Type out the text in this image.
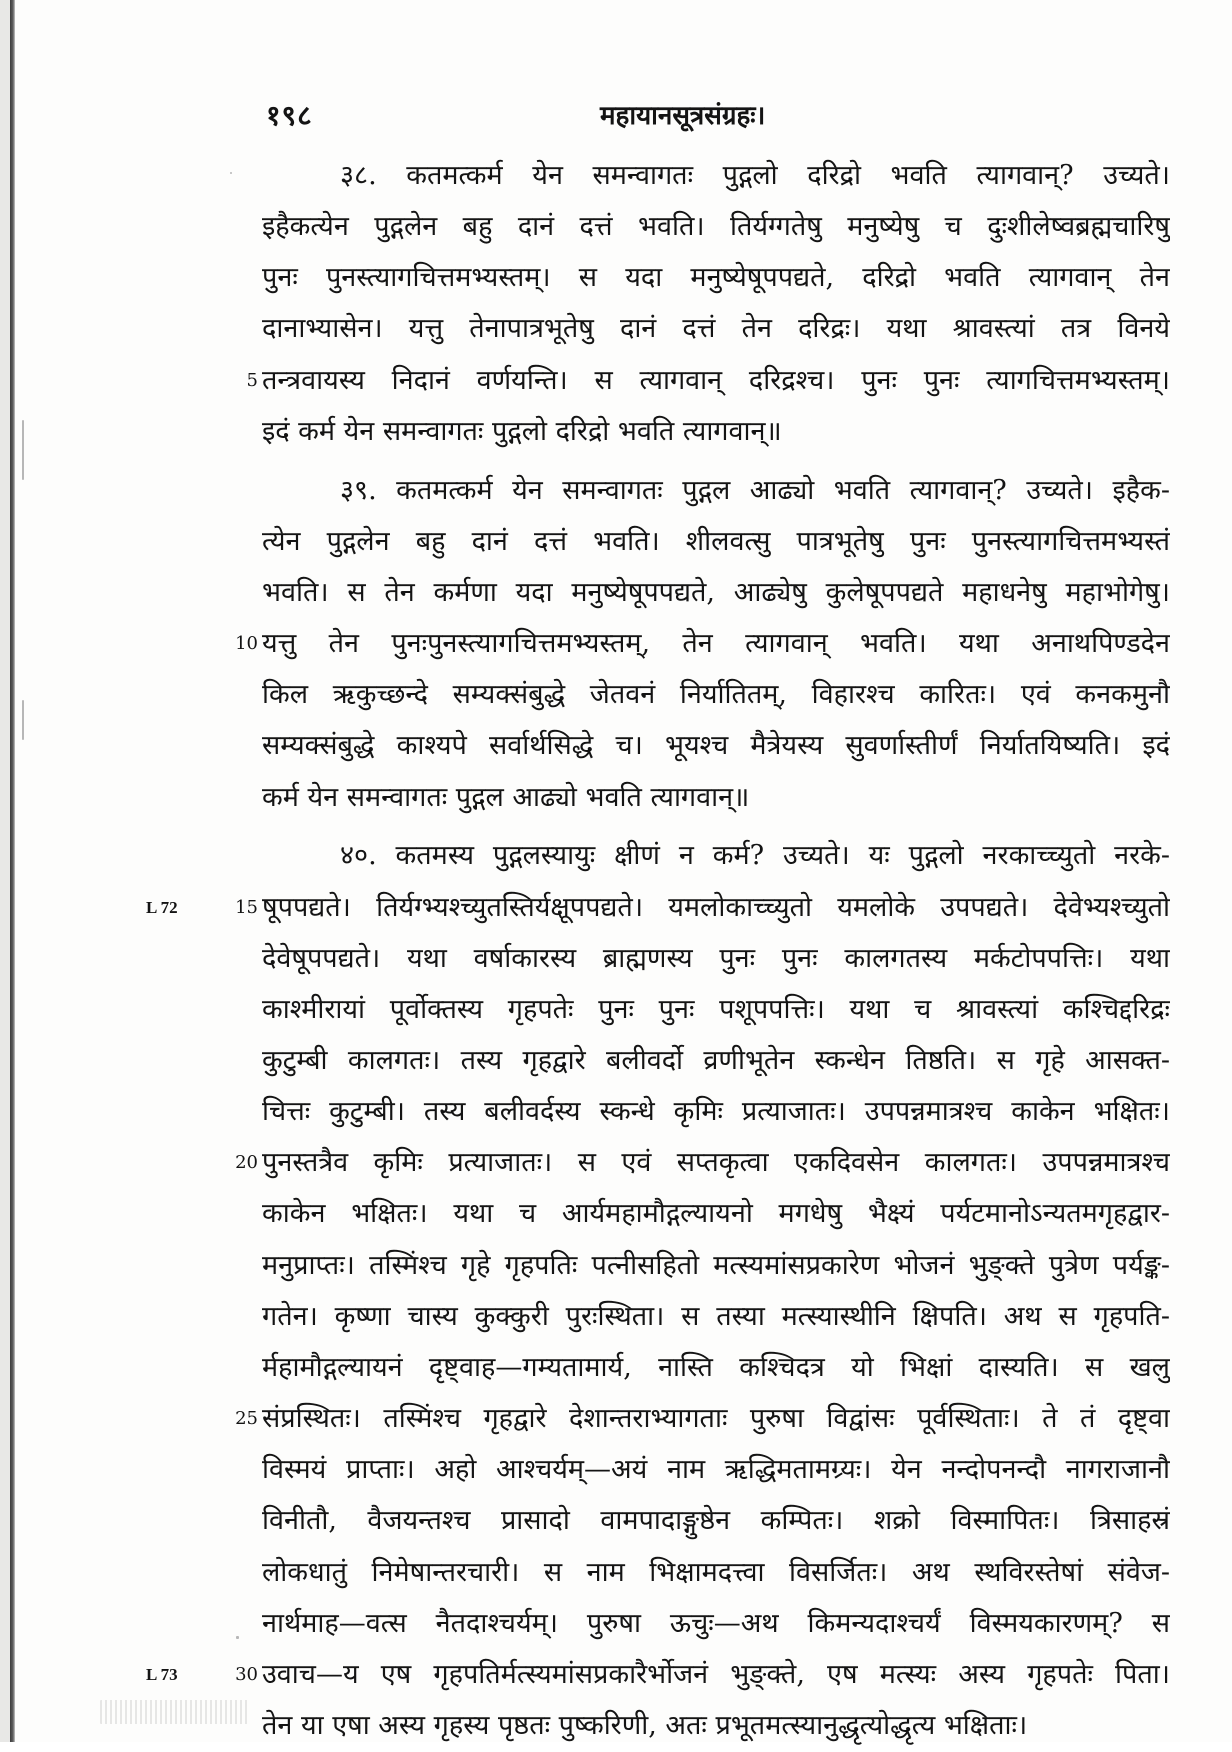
१९८	महायानसूत्रसंग्रहः।
३८. कतमत्कर्म येन समन्वागतः पुद्गलो दरिद्रो भवति त्यागवान्? उच्यते।
इहैकत्येन पुद्गलेन बहु दानं दत्तं भवति। तिर्यग्गतेषु मनुष्येषु च दुःशीलेष्वब्रह्मचारिषु
पुनः पुनस्त्यागचित्तमभ्यस्तम्। स यदा मनुष्येषूपपद्यते, दरिद्रो भवति त्यागवान् तेन
दानाभ्यासेन। यत्तु तेनापात्रभूतेषु दानं दत्तं तेन दरिद्रः। यथा श्रावस्त्यां तत्र विनये
तन्त्रवायस्य निदानं वर्णयन्ति। स त्यागवान् दरिद्रश्च। पुनः पुनः त्यागचित्तमभ्यस्तम्।
5
इदं कर्म येन समन्वागतः पुद्गलो दरिद्रो भवति त्यागवान्॥
३९. कतमत्कर्म येन समन्वागतः पुद्गल आढ्यो भवति त्यागवान्? उच्यते। इहैक-
त्येन पुद्गलेन बहु दानं दत्तं भवति। शीलवत्सु पात्रभूतेषु पुनः पुनस्त्यागचित्तमभ्यस्तं
भवति। स तेन कर्मणा यदा मनुष्येषूपपद्यते, आढ्येषु कुलेषूपपद्यते महाधनेषु महाभोगेषु।
यत्तु तेन पुनःपुनस्त्यागचित्तमभ्यस्तम्, तेन त्यागवान् भवति। यथा अनाथपिण्डदेन
10
किल ऋकुच्छन्दे सम्यक्संबुद्धे जेतवनं निर्यातितम्, विहारश्च कारितः। एवं कनकमुनौ
सम्यक्संबुद्धे काश्यपे सर्वार्थसिद्धे च। भूयश्च मैत्रेयस्य सुवर्णास्तीर्णं निर्यातयिष्यति। इदं
कर्म येन समन्वागतः पुद्गल आढ्यो भवति त्यागवान्॥
४०. कतमस्य पुद्गलस्यायुः क्षीणं न कर्म? उच्यते। यः पुद्गलो नरकाच्च्युतो नरके-
षूपपद्यते। तिर्यग्भ्यश्च्युतस्तिर्यक्षूपपद्यते। यमलोकाच्च्युतो यमलोके उपपद्यते। देवेभ्यश्च्युतो
15
देवेषूपपद्यते। यथा वर्षाकारस्य ब्राह्मणस्य पुनः पुनः कालगतस्य मर्कटोपपत्तिः। यथा
काश्मीरायां पूर्वोक्तस्य गृहपतेः पुनः पुनः पशूपपत्तिः। यथा च श्रावस्त्यां कश्चिद्दरिद्रः
कुटुम्बी कालगतः। तस्य गृहद्वारे बलीवर्दो व्रणीभूतेन स्कन्धेन तिष्ठति। स गृहे आसक्त-
चित्तः कुटुम्बी। तस्य बलीवर्दस्य स्कन्धे कृमिः प्रत्याजातः। उपपन्नमात्रश्च काकेन भक्षितः।
पुनस्तत्रैव कृमिः प्रत्याजातः। स एवं सप्तकृत्वा एकदिवसेन कालगतः। उपपन्नमात्रश्च
20
काकेन भक्षितः। यथा च आर्यमहामौद्गल्यायनो मगधेषु भैक्ष्यं पर्यटमानोऽन्यतमगृहद्वार-
मनुप्राप्तः। तस्मिंश्च गृहे गृहपतिः पत्नीसहितो मत्स्यमांसप्रकारेण भोजनं भुङ्क्ते पुत्रेण पर्यङ्क-
गतेन। कृष्णा चास्य कुक्कुरी पुरःस्थिता। स तस्या मत्स्यास्थीनि क्षिपति। अथ स गृहपति-
र्महामौद्गल्यायनं दृष्ट्वाह—गम्यतामार्य, नास्ति कश्चिदत्र यो भिक्षां दास्यति। स खलु
संप्रस्थितः। तस्मिंश्च गृहद्वारे देशान्तराभ्यागताः पुरुषा विद्वांसः पूर्वस्थिताः। ते तं दृष्ट्वा
25
विस्मयं प्राप्ताः। अहो आश्चर्यम्—अयं नाम ऋद्धिमतामग्र्यः। येन नन्दोपनन्दौ नागराजानौ
विनीतौ, वैजयन्तश्च प्रासादो वामपादाङ्गुष्ठेन कम्पितः। शक्रो विस्मापितः। त्रिसाहस्रं
लोकधातुं निमेषान्तरचारी। स नाम भिक्षामदत्त्वा विसर्जितः। अथ स्थविरस्तेषां संवेज-
नार्थमाह—वत्स नैतदाश्चर्यम्। पुरुषा ऊचुः—अथ किमन्यदाश्चर्यं विस्मयकारणम्? स
उवाच—य एष गृहपतिर्मत्स्यमांसप्रकारैर्भोजनं भुङ्क्ते, एष मत्स्यः अस्य गृहपतेः पिता।
30
तेन या एषा अस्य गृहस्य पृष्ठतः पुष्करिणी, अतः प्रभूतमत्स्यानुद्धृत्योद्धृत्य भक्षिताः।
L 72
L 73
